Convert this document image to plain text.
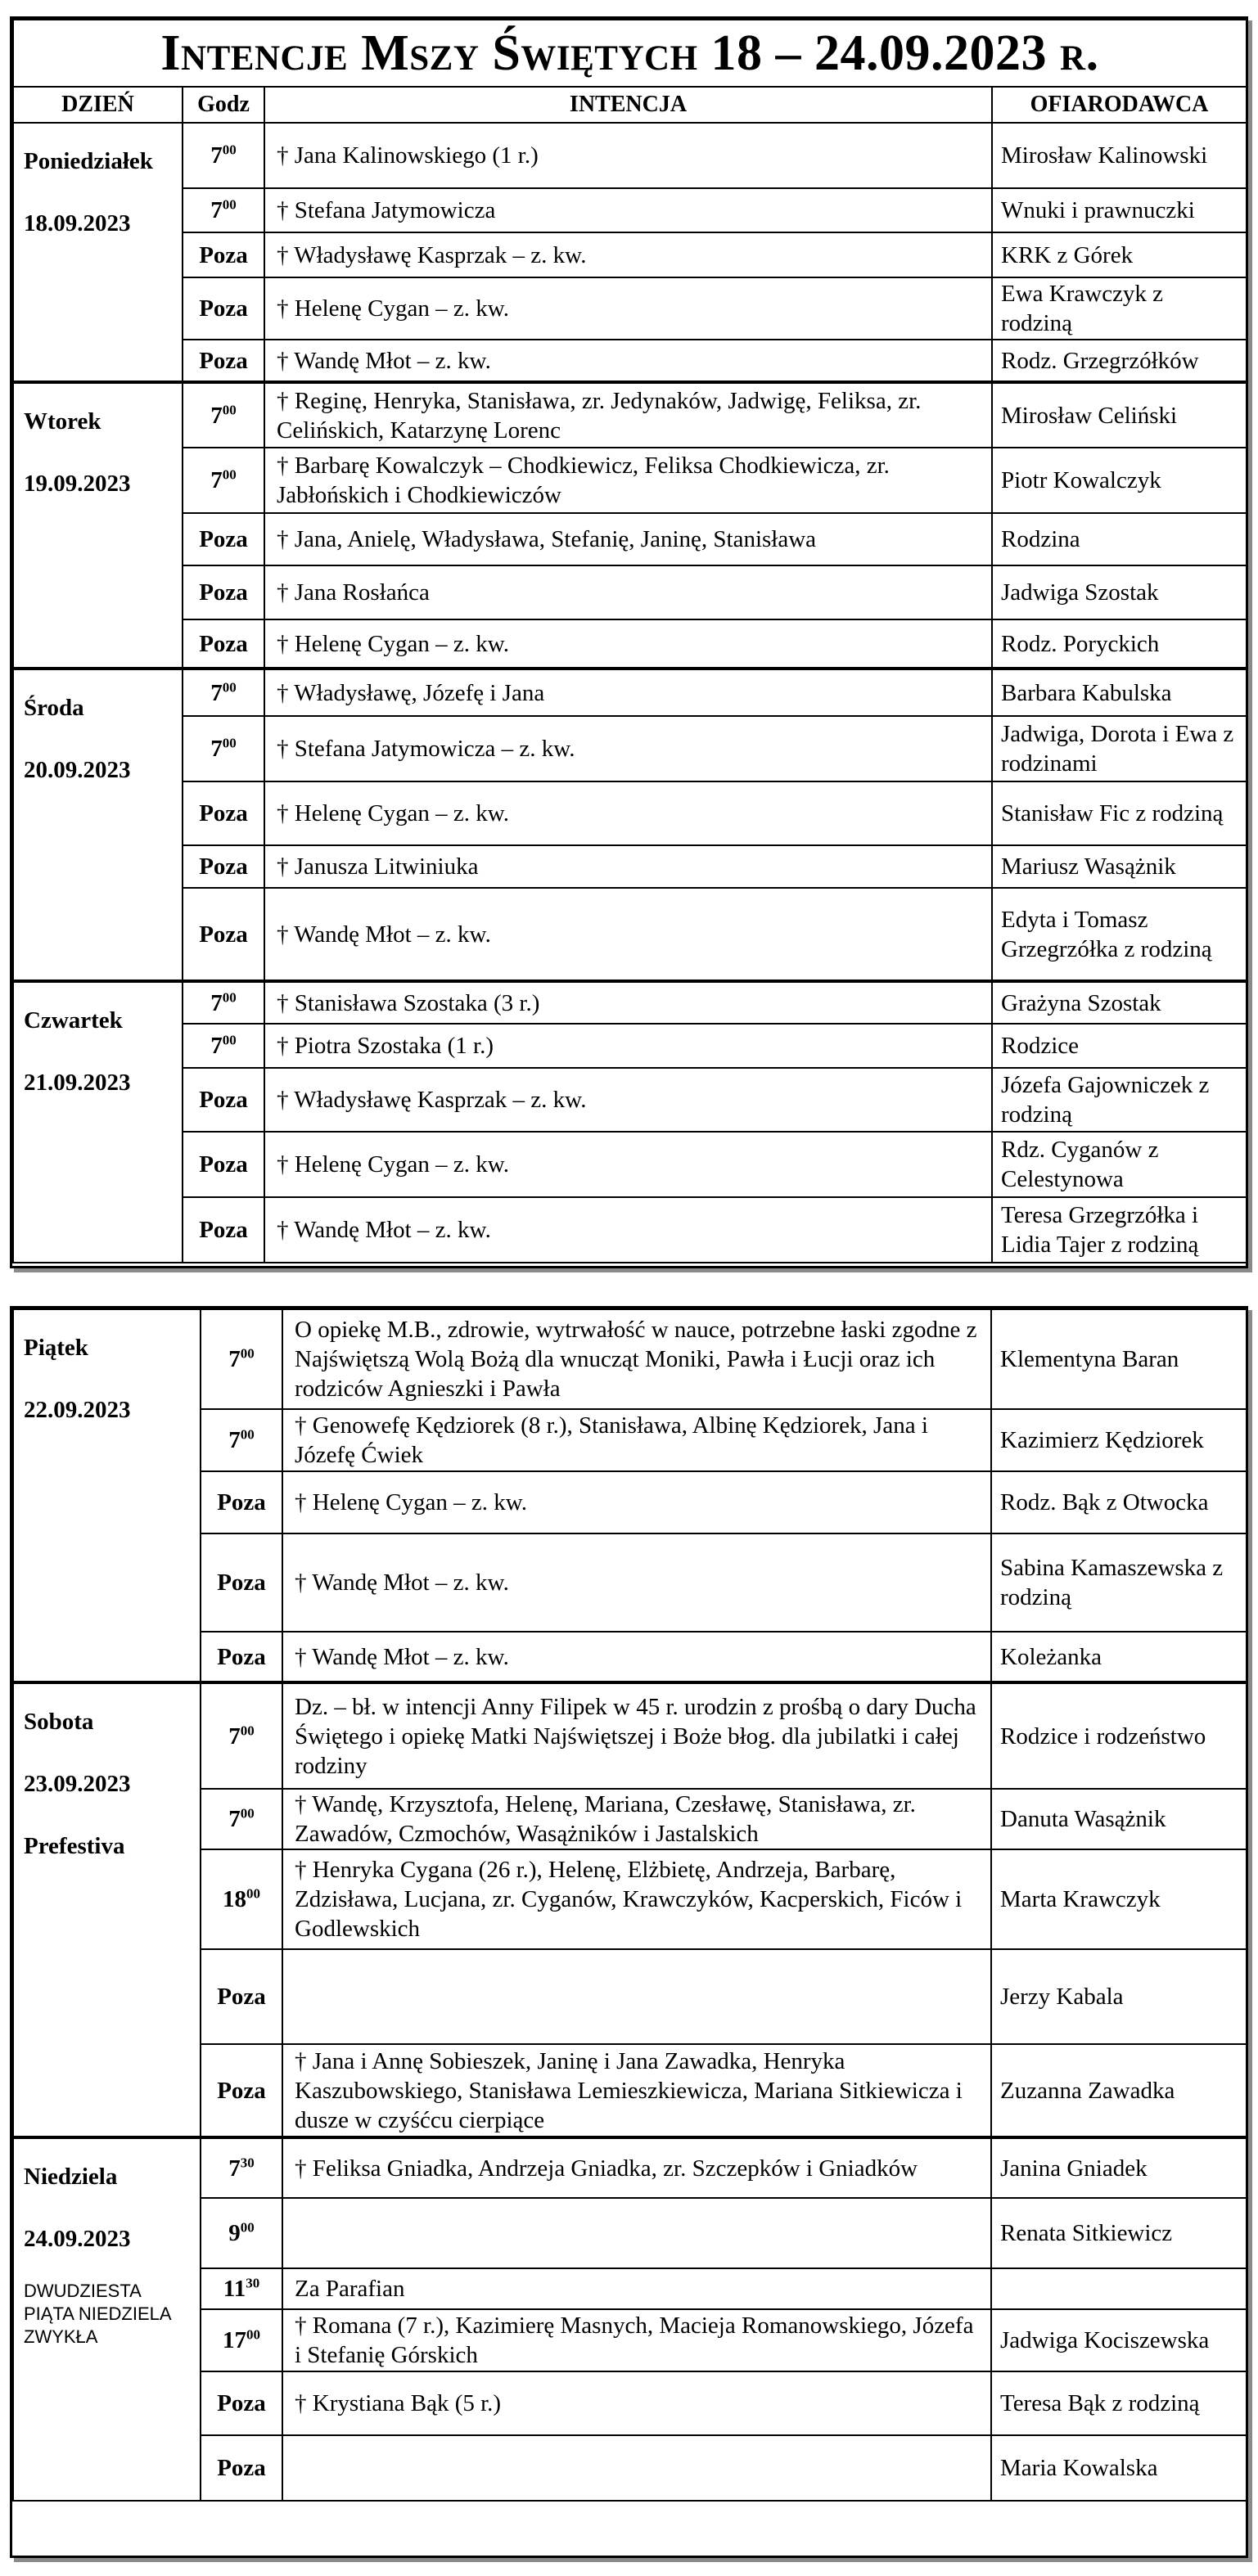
Intencje Mszy Świętych 18 – 24.09.2023 r.			
DZIEŃ	Godz	INTENCJA	OFIARODAWCA

Poniedziałek
18.09.2023	$7^{00}$	† Jana Kalinowskiego (1 r.)	Mirosław Kalinowski
	$7^{00}$	† Stefana Jatymowicza	Wnuki i prawnuczki
	Poza	† Władysławę Kasprzak – z. kw.	KRK z Górek
	Poza	† Helenę Cygan – z. kw.	Ewa Krawczyk z rodziną
	Poza	† Wandę Młot – z. kw.	Rodz. Grzegrzółków

Wtorek
19.09.2023	$7^{00}$	† Reginę, Henryka, Stanisława, zr. Jedynaków, Jadwigę, Feliksa, zr. Celińskich, Katarzynę Lorenc	Mirosław Celiński
	$7^{00}$	† Barbarę Kowalczyk – Chodkiewicz, Feliksa Chodkiewicza, zr. Jabłońskich i Chodkiewiczów	Piotr Kowalczyk
	Poza	† Jana, Anielę, Władysława, Stefanię, Janinę, Stanisława	Rodzina
	Poza	† Jana Rosłańca	Jadwiga Szostak
	Poza	† Helenę Cygan – z. kw.	Rodz. Poryckich

Środa
20.09.2023	$7^{00}$	† Władysławę, Józefę i Jana	Barbara Kabulska
	$7^{00}$	† Stefana Jatymowicza – z. kw.	Jadwiga, Dorota i Ewa z rodzinami
	Poza	† Helenę Cygan – z. kw.	Stanisław Fic z rodziną
	Poza	† Janusza Litwiniuka	Mariusz Wasążnik
	Poza	† Wandę Młot – z. kw.	Edyta i Tomasz Grzegrzółka z rodziną

Czwartek
21.09.2023	$7^{00}$	† Stanisława Szostaka (3 r.)	Grażyna Szostak
	$7^{00}$	† Piotra Szostaka (1 r.)	Rodzice
	Poza	† Władysławę Kasprzak – z. kw.	Józefa Gajowniczek z rodziną
	Poza	† Helenę Cygan – z. kw.	Rdz. Cyganów z Celestynowa
	Poza	† Wandę Młot – z. kw.	Teresa Grzegrzółka i Lidia Tajer z rodziną
Piątek
22.09.2023	$7^{00}$	O opiekę M.B., zdrowie, wytrwałość w nauce, potrzebne łaski zgodne z Najświętszą Wolą Bożą dla wnucząt Moniki, Pawła i Łucji oraz ich rodziców Agnieszki i Pawła	Klementyna Baran
	$7^{00}$	† Genowefę Kędziorek (8 r.), Stanisława, Albinę Kędziorek, Jana i Józefę Ćwiek	Kazimierz Kędziorek
	Poza	† Helenę Cygan – z. kw.	Rodz. Bąk z Otwocka
	Poza	† Wandę Młot – z. kw.	Sabina Kamaszewska z rodziną
	Poza	† Wandę Młot – z. kw.	Koleżanka

Sobota
23.09.2023
Prefestiva	$7^{00}$	Dz. – bł. w intencji Anny Filipek w 45 r. urodzin z prośbą o dary Ducha Świętego i opiekę Matki Najświętszej i Boże błog. dla jubilatki i całej rodziny	Rodzice i rodzeństwo
	$7^{00}$	† Wandę, Krzysztofa, Helenę, Mariana, Czesławę, Stanisława, zr. Zawadów, Czmochów, Wasążników i Jastalskich	Danuta Wasążnik
	$18^{00}$	† Henryka Cygana (26 r.), Helenę, Elżbietę, Andrzeja, Barbarę, Zdzisława, Lucjana, zr. Cyganów, Krawczyków, Kacperskich, Ficów i Godlewskich	Marta Krawczyk
	Poza		Jerzy Kabala
	Poza	† Jana i Annę Sobieszek, Janinę i Jana Zawadka, Henryka Kaszubowskiego, Stanisława Lemieszkiewicza, Mariana Sitkiewicza i dusze w czyśćcu cierpiące	Zuzanna Zawadka

Niedziela
24.09.2023
DWUDZIESTA PIĄTA NIEDZIELA ZWYKŁA	$7^{30}$	† Feliksa Gniadka, Andrzeja Gniadka, zr. Szczepków i Gniadków	Janina Gniadek
	$9^{00}$		Renata Sitkiewicz
	$11^{30}$	Za Parafian	
	$17^{00}$	† Romana (7 r.), Kazimierę Masnych, Macieja Romanowskiego, Józefa i Stefanię Górskich	Jadwiga Kociszewska
	Poza	† Krystiana Bąk (5 r.)	Teresa Bąk z rodziną
	Poza		Maria Kowalska
